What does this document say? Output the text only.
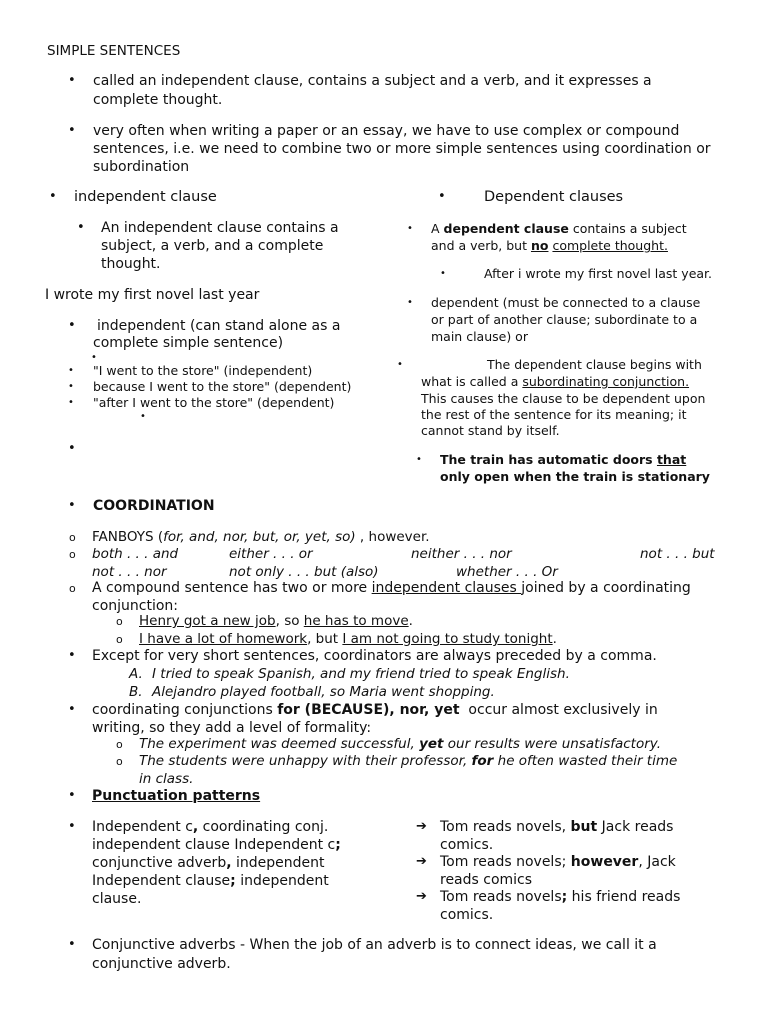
SIMPLE SENTENCES
• called an independent clause, contains a subject and a verb, and it expresses a
complete thought.
• very often when writing a paper or an essay, we have to use complex or compound
sentences, i.e. we need to combine two or more simple sentences using coordination or
subordination
• independent clause
• An independent clause contains a
subject, a verb, and a complete
thought.
I wrote my first novel last year
• independent (can stand alone as a
complete simple sentence)
•
• "I went to the store" (independent)
• because I went to the store" (dependent)
• "after I went to the store" (dependent)
•
•
•	Dependent clauses
• A dependent clause contains a subject
and a verb, but no complete thought.
•	After i wrote my first novel last year.
• dependent (must be connected to a clause
or part of another clause; subordinate to a
main clause) or
•	The dependent clause begins with
what is called a subordinating conjunction.
This causes the clause to be dependent upon
the rest of the sentence for its meaning; it
cannot stand by itself.
• The train has automatic doors that
only open when the train is stationary
• COORDINATION
o FANBOYS (for, and, nor, but, or, yet, so) , however.
o both . . . and	either . . . or	neither . . . nor	not . . . but
not . . . nor	not only . . . but (also)	whether . . . Or
o A compound sentence has two or more independent clauses joined by a coordinating
conjunction:
o Henry got a new job, so he has to move.
o I have a lot of homework, but I am not going to study tonight.
• Except for very short sentences, coordinators are always preceded by a comma.
A. I tried to speak Spanish, and my friend tried to speak English.
B. Alejandro played football, so Maria went shopping.
• coordinating conjunctions for (BECAUSE), nor, yet  occur almost exclusively in
writing, so they add a level of formality:
o The experiment was deemed successful, yet our results were unsatisfactory.
o The students were unhappy with their professor, for he often wasted their time
in class.
• Punctuation patterns
• Independent c, coordinating conj.
independent clause Independent c;
conjunctive adverb, independent
Independent clause; independent
clause.
➔ Tom reads novels, but Jack reads
comics.
➔ Tom reads novels; however, Jack
reads comics
➔ Tom reads novels; his friend reads
comics.
• Conjunctive adverbs - When the job of an adverb is to connect ideas, we call it a
conjunctive adverb.
